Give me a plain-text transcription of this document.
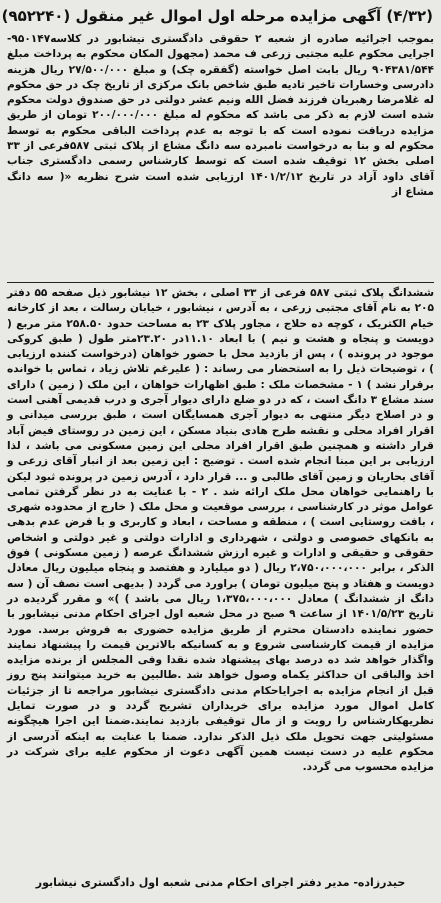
(۴/۳۲) آگهی مزایده مرحله اول اموال غیر منقول (۹۵۲۲۴۰)

بموجب اجرائیه صادره از شعبه ۲ حقوقی دادگستری نیشابور در کلاسه۹۵۰۱۴۷- اجرایی محکوم علیه مجتبی زرعی ف محمد (مجهول المکان محکوم به پرداخت مبلغ ۹۰۴۳۸۱/۵۴۴ ریال بابت اصل خواسته (گفقره چک) و مبلغ ۲۷/۵۰۰/۰۰۰ ریال هزینه دادرسی وخسارات تاخیر تادیه طبق شاخص بانک مرکزی از تاریخ چک در حق محکوم له غلامرضا رهبریان فرزند فضل الله ونیم عشر دولتی در حق صندوق دولت محکوم شده است لازم به ذکر می باشد که محکوم له مبلغ ۲۰۰/۰۰۰/۰۰۰ تومان از طریق مزایده دریافت نموده است که با توجه به عدم پرداخت الباقی محکوم به توسط محکوم له و بنا به درخواست نامبرده سه دانگ مشاع از پلاک ثبتی ۵۸۷فرعی از ۳۳ اصلی بخش ۱۲ توقیف شده است که توسط کارشناس رسمی دادگستری جناب آقای داود آزاد در تاریخ ۱۴۰۱/۲/۱۲ ارزیابی شده است شرح نظریه «( سه دانگ مشاع از

ششدانگ پلاک ثبتی ۵۸۷ فرعی از ۳۳ اصلی ، بخش ۱۲ نیشابور ذیل صفحه ۵۵ دفتر ۲۰۵ به نام آقای مجتبی زرعی ، به آدرس ، نیشابور ، خیابان رسالت ، بعد از کارخانه خیام الکتریک ، کوچه ده حلاج ، مجاور پلاک ۲۳ به مساحت حدود ۲۵۸.۵۰ متر مربع ( دویست و پنجاه و هشت و نیم ) با ابعاد ۱۱.۱۰در ۲۳.۲۰متر طول ( طبق کروکی موجود در پرونده ) ، پس از بازدید محل با حضور خواهان (درخواست کننده ارزیابی ) ، توضیحات ذیل را به استحضار می رساند : ( علیرغم تلاش زیاد ، تماس با خوانده برقرار نشد ) ۱ - مشخصات ملک : طبق اظهارات خواهان ، این ملک ( زمین ) دارای سند مشاع ۳ دانگ است ، که در دو ضلع دارای دیوار آجری و درب قدیمی آهنی است و در اصلاح دیگر منتهی به دیوار آجری همسایگان است ، طبق بررسی میدانی و اقرار افراد محلی و نقشه طرح هادی بنیاد مسکن ، این زمین در روستای فیض آباد قرار داشته و همچنین طبق اقرار افراد محلی این زمین مسکونی می باشد ، لذا ارزیابی بر این مبنا انجام شده است . توضیح : این زمین بعد از انبار آقای زرعی و آقای بحاریان و زمین آقای طالبی و ... قرار دارد ، آدرس زمین در پرونده ثبود لیکن با راهنمایی خواهان محل ملک ارائه شد . ۲ - با عنایت به در نظر گرفتن تمامی عوامل موثر در کارشناسی ، بررسی موقعیت و محل ملک ( خارج از محدوده شهری ، بافت روستایی است ) ، منطقه و مساحت ، ابعاد و کاربری و با فرض عدم بدهی به بانکهای خصوصی و دولتی ، شهرداری و ادارات دولتی و غیر دولتی و اشخاص حقوقی و حقیقی و ادارات و غیره ارزش ششدانگ عرصه ( زمین مسکونی ) فوق الذکر ، برابر ۲،۷۵۰،۰۰۰،۰۰۰ ریال ( دو میلیارد و هفتصد و پنجاه میلیون ریال معادل دویست و هفتاد و پنج میلیون تومان ) براورد می گردد ( بدیهی است نصف آن ( سه دانگ از ششدانگ ) معادل ۱،۳۷۵،۰۰۰،۰۰۰ ریال می باشد ) )» و مقرر گردیده در تاریخ ۱۴۰۱/۵/۲۳ از ساعت ۹ صبح در محل شعبه اول اجرای احکام مدنی نیشابور با حضور نماینده دادستان محترم از طریق مزایده حضوری به فروش برسد. مورد مزایده از قیمت کارشناسی شروع و به کسانیکه بالاترین قیمت را پیشنهاد نمایند واگذار خواهد شد ده درصد بهای پیشنهاد شده نقدا وفی المجلس از برنده مزایده اخذ والباقی ان حداکثر یکماه وصول خواهد شد .طالبین به خرید میتوانند پنج روز قبل از انجام مزایده به اجرایاحکام مدنی دادگستری نیشابور مراجعه تا از جزئیات کامل اموال مورد مزایده برای خریداران تشریح گردد و در صورت تمایل نظریهکارشناس را رویت و از مال توقیفی بازدید نمایند.ضمنا این اجرا هیچگونه مسئولیتی جهت تحویل ملک ذیل الذکر ندارد. ضمنا با عنایت به اینکه آدرسی از محکوم علیه در دست نیست همین آگهی دعوت از محکوم علیه برای شرکت در مزایده محسوب می گردد.

حیدرزاده- مدیر دفتر اجرای احکام مدنی شعبه اول دادگستری نیشابور
